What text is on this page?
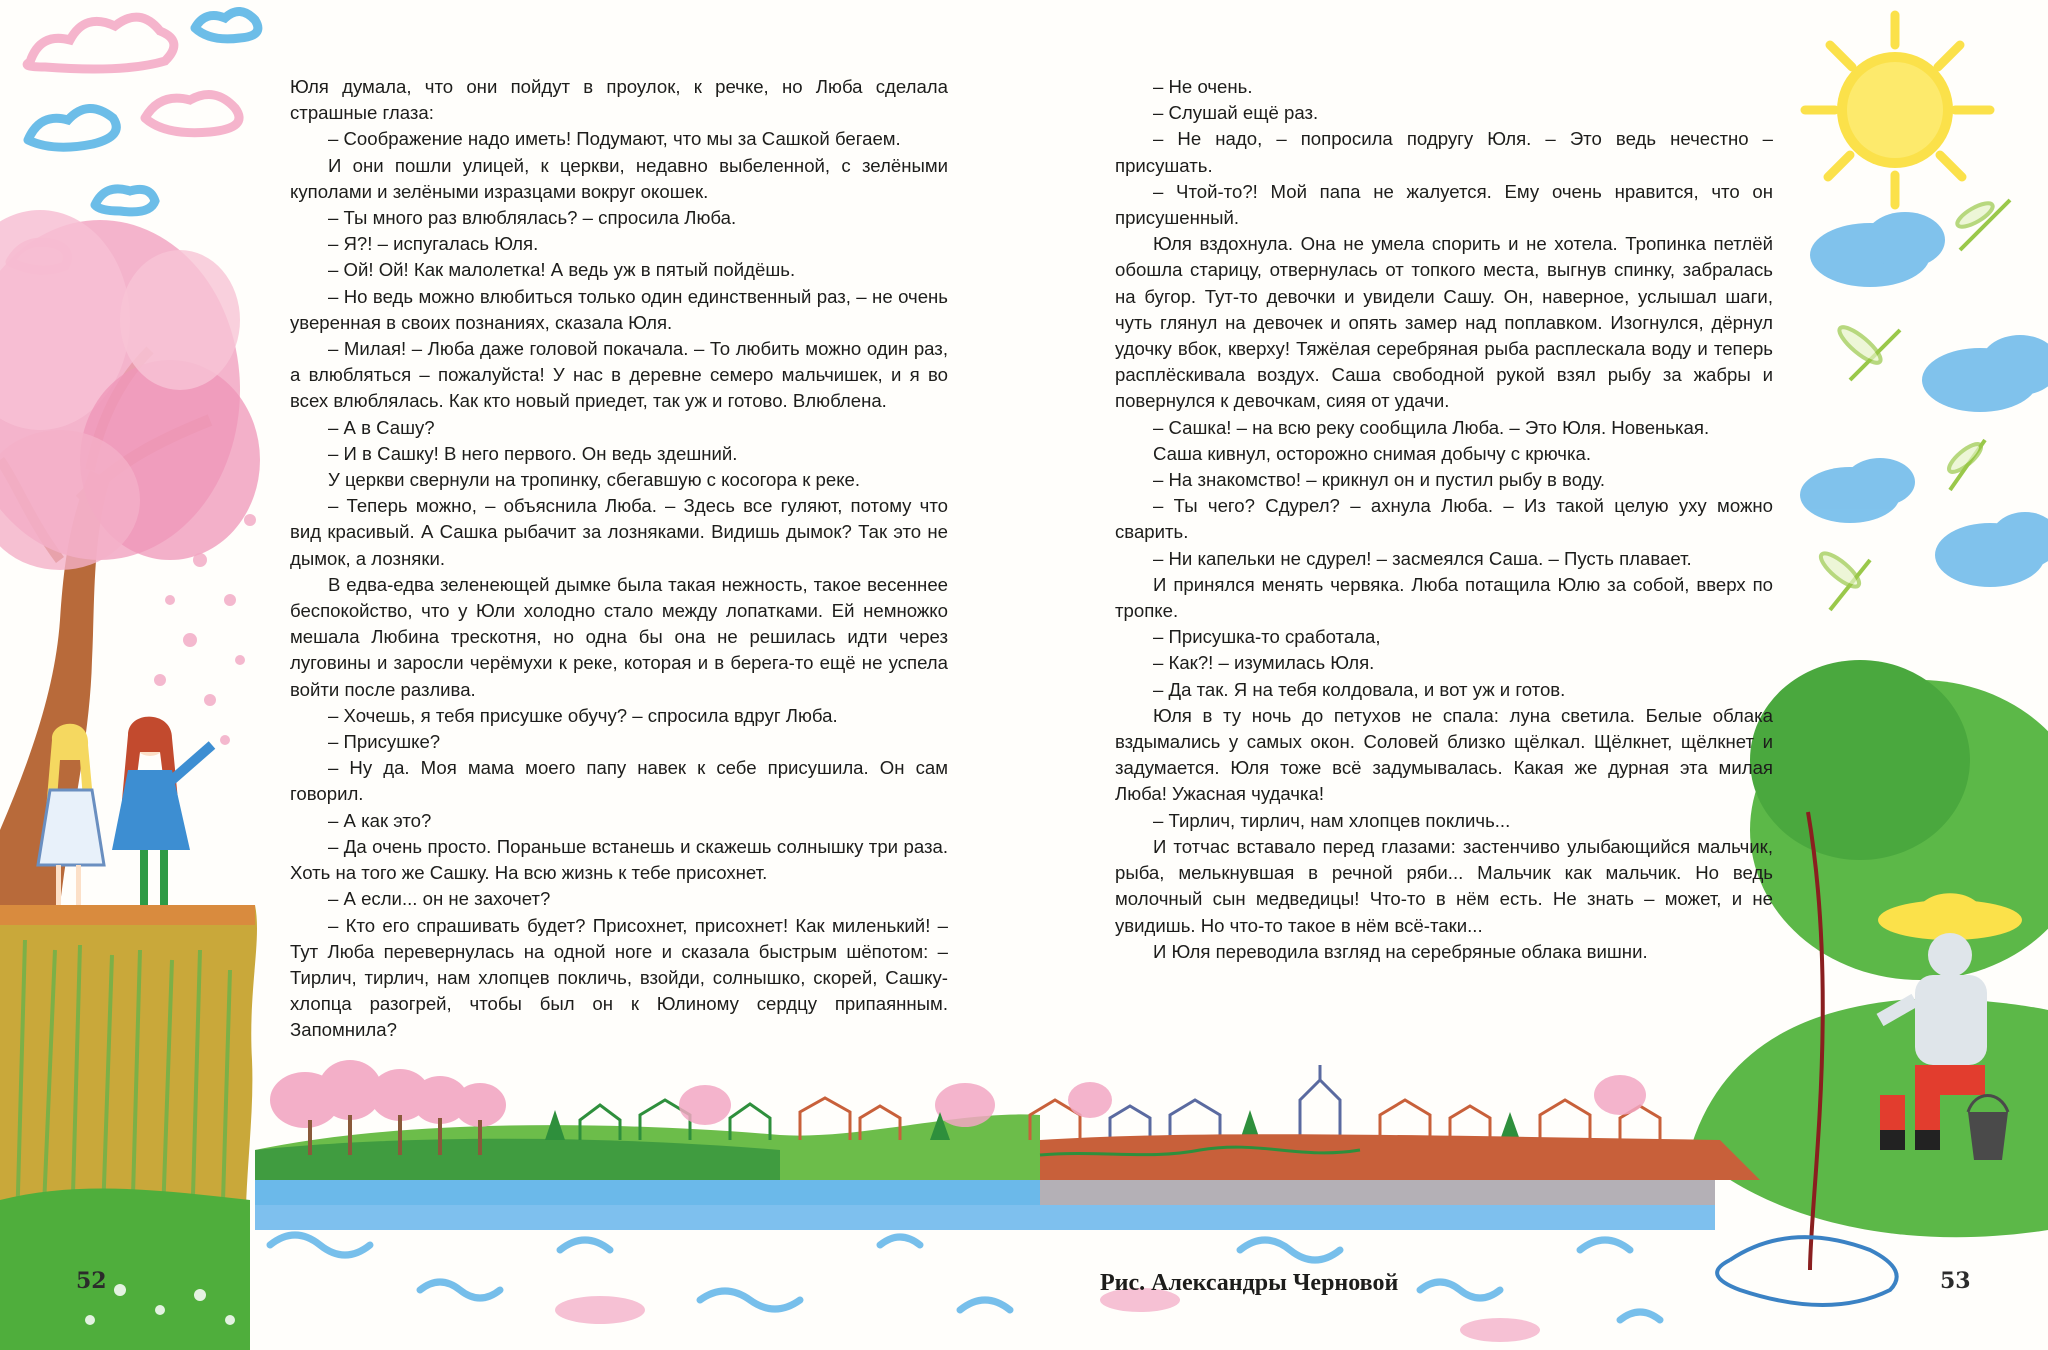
Юля думала, что они пойдут в проулок, к речке, но Люба сделала страшные глаза:

– Соображение надо иметь! Подумают, что мы за Сашкой бегаем.

И они пошли улицей, к церкви, недавно выбеленной, с зелёными куполами и зелёными изразцами вокруг окошек.

– Ты много раз влюблялась? – спросила Люба.

– Я?! – испугалась Юля.

– Ой! Ой! Как малолетка! А ведь уж в пятый пойдёшь.

– Но ведь можно влюбиться только один единственный раз, – не очень уверенная в своих познаниях, сказала Юля.

– Милая! – Люба даже головой покачала. – То любить можно один раз, а влюбляться – пожалуйста! У нас в деревне семеро мальчишек, и я во всех влюблялась. Как кто новый приедет, так уж и готово. Влюблена.

– А в Сашу?

– И в Сашку! В него первого. Он ведь здешний.

У церкви свернули на тропинку, сбегавшую с косогора к реке.

– Теперь можно, – объяснила Люба. – Здесь все гуляют, потому что вид красивый. А Сашка рыбачит за лозняками. Видишь дымок? Так это не дымок, а лозняки.

В едва-едва зеленеющей дымке была такая нежность, такое весеннее беспокойство, что у Юли холодно стало между лопатками. Ей немножко мешала Любина трескотня, но одна бы она не решилась идти через луговины и заросли черёмухи к реке, которая и в берега-то ещё не успела войти после разлива.

– Хочешь, я тебя присушке обучу? – спросила вдруг Люба.

– Присушке?

– Ну да. Моя мама моего папу навек к себе присушила. Он сам говорил.

– А как это?

– Да очень просто. Пораньше встанешь и скажешь солнышку три раза. Хоть на того же Сашку. На всю жизнь к тебе присохнет.

– А если... он не захочет?

– Кто его спрашивать будет? Присохнет, присохнет! Как миленький! – Тут Люба перевернулась на одной ноге и сказала быстрым шёпотом: – Тирлич, тирлич, нам хлопцев покличь, взойди, солнышко, скорей, Сашку-хлопца разогрей, чтобы был он к Юлиному сердцу припаянным. Запомнила?

– Не очень.

– Слушай ещё раз.

– Не надо, – попросила подругу Юля. – Это ведь нечестно – присушать.

– Чтой-то?! Мой папа не жалуется. Ему очень нравится, что он присушенный.

Юля вздохнула. Она не умела спорить и не хотела. Тропинка петлёй обошла старицу, отвернулась от топкого места, выгнув спинку, забралась на бугор. Тут-то девочки и увидели Сашу. Он, наверное, услышал шаги, чуть глянул на девочек и опять замер над поплавком. Изогнулся, дёрнул удочку вбок, кверху! Тяжёлая серебряная рыба расплескала воду и теперь расплёскивала воздух. Саша свободной рукой взял рыбу за жабры и повернулся к девочкам, сияя от удачи.

– Сашка! – на всю реку сообщила Люба. – Это Юля. Новенькая.

Саша кивнул, осторожно снимая добычу с крючка.

– На знакомство! – крикнул он и пустил рыбу в воду.

– Ты чего? Сдурел? – ахнула Люба. – Из такой целую уху можно сварить.

– Ни капельки не сдурел! – засмеялся Саша. – Пусть плавает.

И принялся менять червяка. Люба потащила Юлю за собой, вверх по тропке.

– Присушка-то сработала,

– Как?! – изумилась Юля.

– Да так. Я на тебя колдовала, и вот уж и готов.

Юля в ту ночь до петухов не спала: луна светила. Белые облака вздымались у самых окон. Соловей близко щёлкал. Щёлкнет, щёлкнет и задумается. Юля тоже всё задумывалась. Какая же дурная эта милая Люба! Ужасная чудачка!

– Тирлич, тирлич, нам хлопцев покличь...

И тотчас вставало перед глазами: застенчиво улыбающийся мальчик, рыба, мелькнувшая в речной ряби... Мальчик как мальчик. Но ведь молочный сын медведицы! Что-то в нём есть. Не знать – может, и не увидишь. Но что-то такое в нём всё-таки...

И Юля переводила взгляд на серебряные облака вишни.

52	53
Рис. Александры Черновой
